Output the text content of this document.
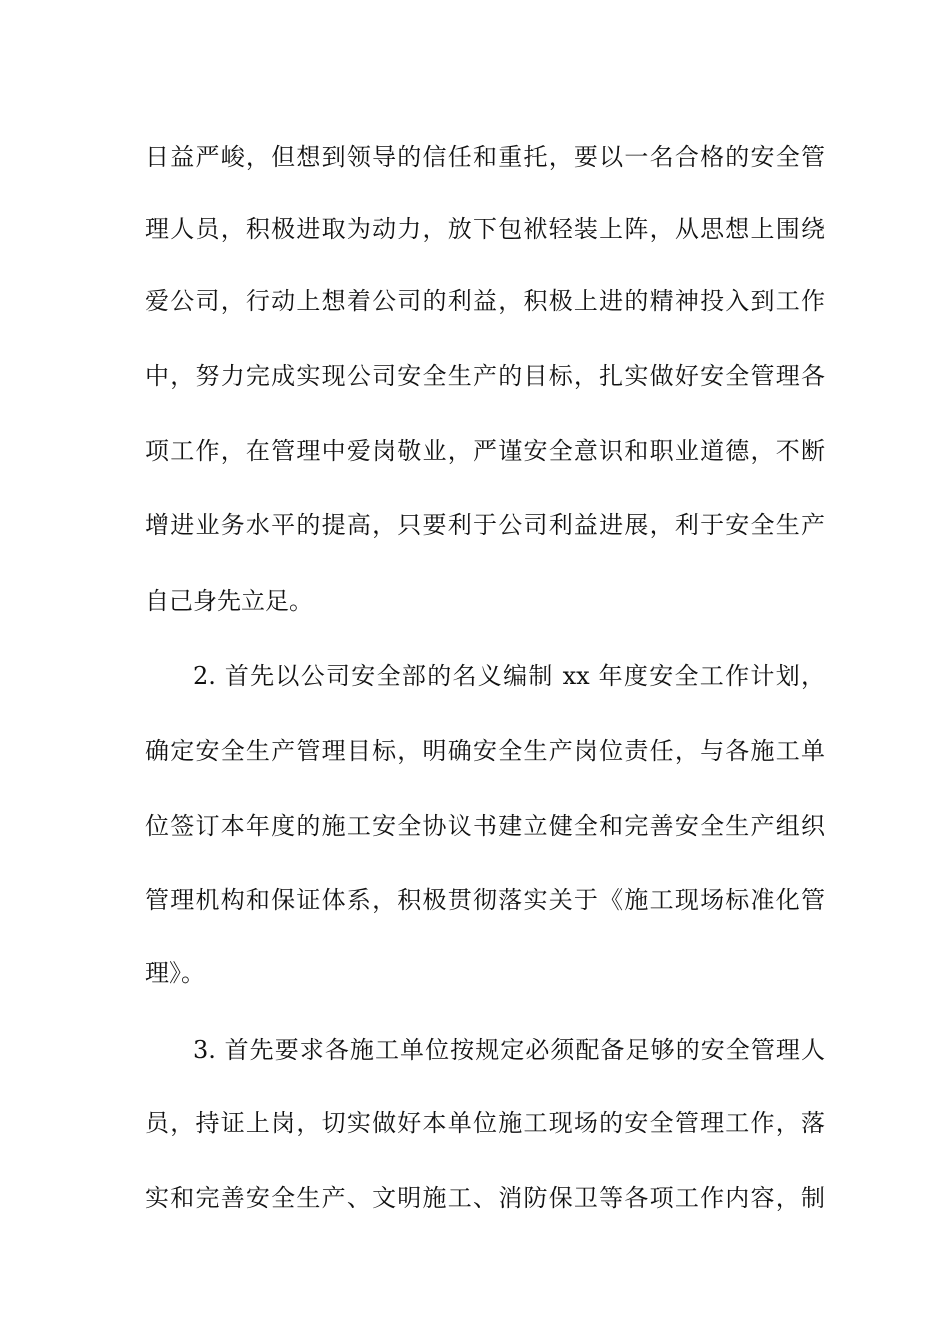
日益严峻，但想到领导的信任和重托，要以一名合格的安全管
理人员，积极进取为动力，放下包袱轻装上阵，从思想上围绕
爱公司，行动上想着公司的利益，积极上进的精神投入到工作
中，努力完成实现公司安全生产的目标，扎实做好安全管理各
项工作，在管理中爱岗敬业，严谨安全意识和职业道德，不断
增进业务水平的提高，只要利于公司利益进展，利于安全生产
自己身先立足。
2. 首先以公司安全部的名义编制 xx 年度安全工作计划，
确定安全生产管理目标，明确安全生产岗位责任，与各施工单
位签订本年度的施工安全协议书建立健全和完善安全生产组织
管理机构和保证体系，积极贯彻落实关于《施工现场标准化管
理》。
3. 首先要求各施工单位按规定必须配备足够的安全管理人
员，持证上岗，切实做好本单位施工现场的安全管理工作，落
实和完善安全生产、文明施工、消防保卫等各项工作内容，制
